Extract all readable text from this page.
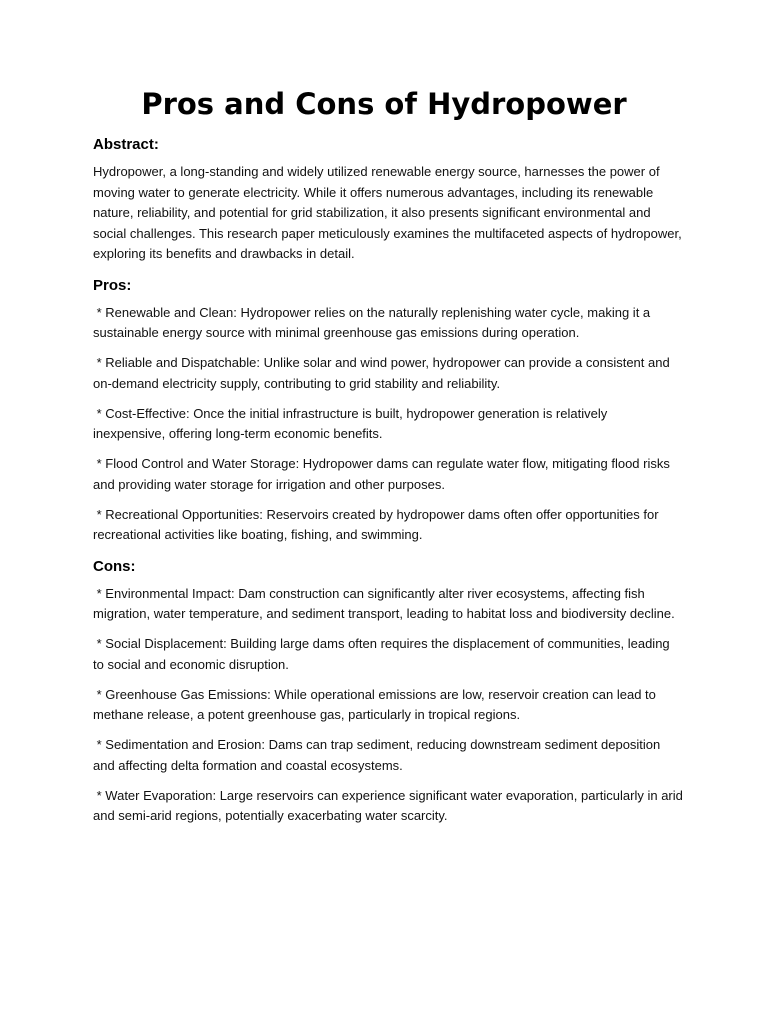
Pros and Cons of Hydropower
Abstract:

Hydropower, a long-standing and widely utilized renewable energy source, harnesses the power of moving water to generate electricity. While it offers numerous advantages, including its renewable nature, reliability, and potential for grid stabilization, it also presents significant environmental and social challenges. This research paper meticulously examines the multifaceted aspects of hydropower, exploring its benefits and drawbacks in detail.

Pros:
* Renewable and Clean: Hydropower relies on the naturally replenishing water cycle, making it a sustainable energy source with minimal greenhouse gas emissions during operation.
* Reliable and Dispatchable: Unlike solar and wind power, hydropower can provide a consistent and on-demand electricity supply, contributing to grid stability and reliability.
* Cost-Effective: Once the initial infrastructure is built, hydropower generation is relatively inexpensive, offering long-term economic benefits.
* Flood Control and Water Storage: Hydropower dams can regulate water flow, mitigating flood risks and providing water storage for irrigation and other purposes.
* Recreational Opportunities: Reservoirs created by hydropower dams often offer opportunities for recreational activities like boating, fishing, and swimming.
Cons:
* Environmental Impact: Dam construction can significantly alter river ecosystems, affecting fish migration, water temperature, and sediment transport, leading to habitat loss and biodiversity decline.
* Social Displacement: Building large dams often requires the displacement of communities, leading to social and economic disruption.
* Greenhouse Gas Emissions: While operational emissions are low, reservoir creation can lead to methane release, a potent greenhouse gas, particularly in tropical regions.
* Sedimentation and Erosion: Dams can trap sediment, reducing downstream sediment deposition and affecting delta formation and coastal ecosystems.
* Water Evaporation: Large reservoirs can experience significant water evaporation, particularly in arid and semi-arid regions, potentially exacerbating water scarcity.
